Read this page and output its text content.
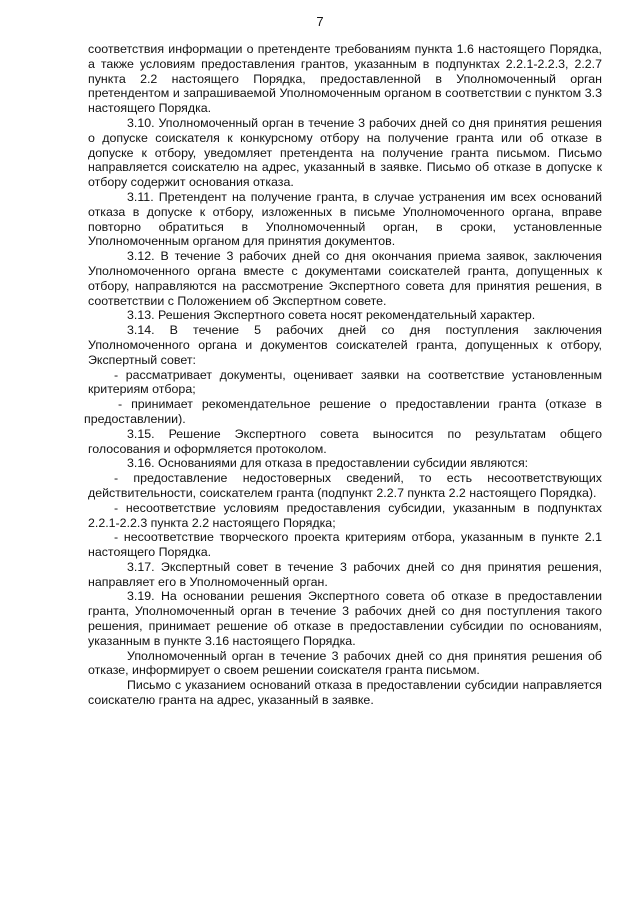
7

соответствия информации о претенденте требованиям пункта 1.6 настоящего Порядка, а также условиям предоставления грантов, указанным в подпунктах 2.2.1-2.2.3, 2.2.7 пункта 2.2 настоящего Порядка, предоставленной в Уполномоченный орган претендентом и запрашиваемой Уполномоченным органом в соответствии с пунктом 3.3 настоящего Порядка.

3.10. Уполномоченный орган в течение 3 рабочих дней со дня принятия решения о допуске соискателя к конкурсному отбору на получение гранта или об отказе в допуске к отбору, уведомляет претендента на получение гранта письмом. Письмо направляется соискателю на адрес, указанный в заявке. Письмо об отказе в допуске к отбору содержит основания отказа.

3.11. Претендент на получение гранта, в случае устранения им всех оснований отказа в допуске к отбору, изложенных в письме Уполномоченного органа, вправе повторно обратиться в Уполномоченный орган, в сроки, установленные Уполномоченным органом для принятия документов.

3.12. В течение 3 рабочих дней со дня окончания приема заявок, заключения Уполномоченного органа вместе с документами соискателей гранта, допущенных к отбору, направляются на рассмотрение Экспертного совета для принятия решения, в соответствии с Положением об Экспертном совете.

3.13. Решения Экспертного совета носят рекомендательный характер.

3.14. В течение 5 рабочих дней со дня поступления заключения Уполномоченного органа и документов соискателей гранта, допущенных к отбору, Экспертный совет:

- рассматривает документы, оценивает заявки на соответствие установленным критериям отбора;

- принимает рекомендательное решение о предоставлении гранта (отказе в предоставлении).

3.15. Решение Экспертного совета выносится по результатам общего голосования и оформляется протоколом.

3.16. Основаниями для отказа в предоставлении субсидии являются:

- предоставление недостоверных сведений, то есть несоответствующих действительности, соискателем гранта (подпункт 2.2.7 пункта 2.2 настоящего Порядка).

- несоответствие условиям предоставления субсидии, указанным в подпунктах 2.2.1-2.2.3 пункта 2.2 настоящего Порядка;

- несоответствие творческого проекта критериям отбора, указанным в пункте 2.1 настоящего Порядка.

3.17. Экспертный совет в течение 3 рабочих дней со дня принятия решения, направляет его в Уполномоченный орган.

3.19. На основании решения Экспертного совета об отказе в предоставлении гранта, Уполномоченный орган в течение 3 рабочих дней со дня поступления такого решения, принимает решение об отказе в предоставлении субсидии по основаниям, указанным в пункте 3.16 настоящего Порядка.

Уполномоченный орган в течение 3 рабочих дней со дня принятия решения об отказе, информирует о своем решении соискателя гранта письмом.

Письмо с указанием оснований отказа в предоставлении субсидии направляется соискателю гранта на адрес, указанный в заявке.
